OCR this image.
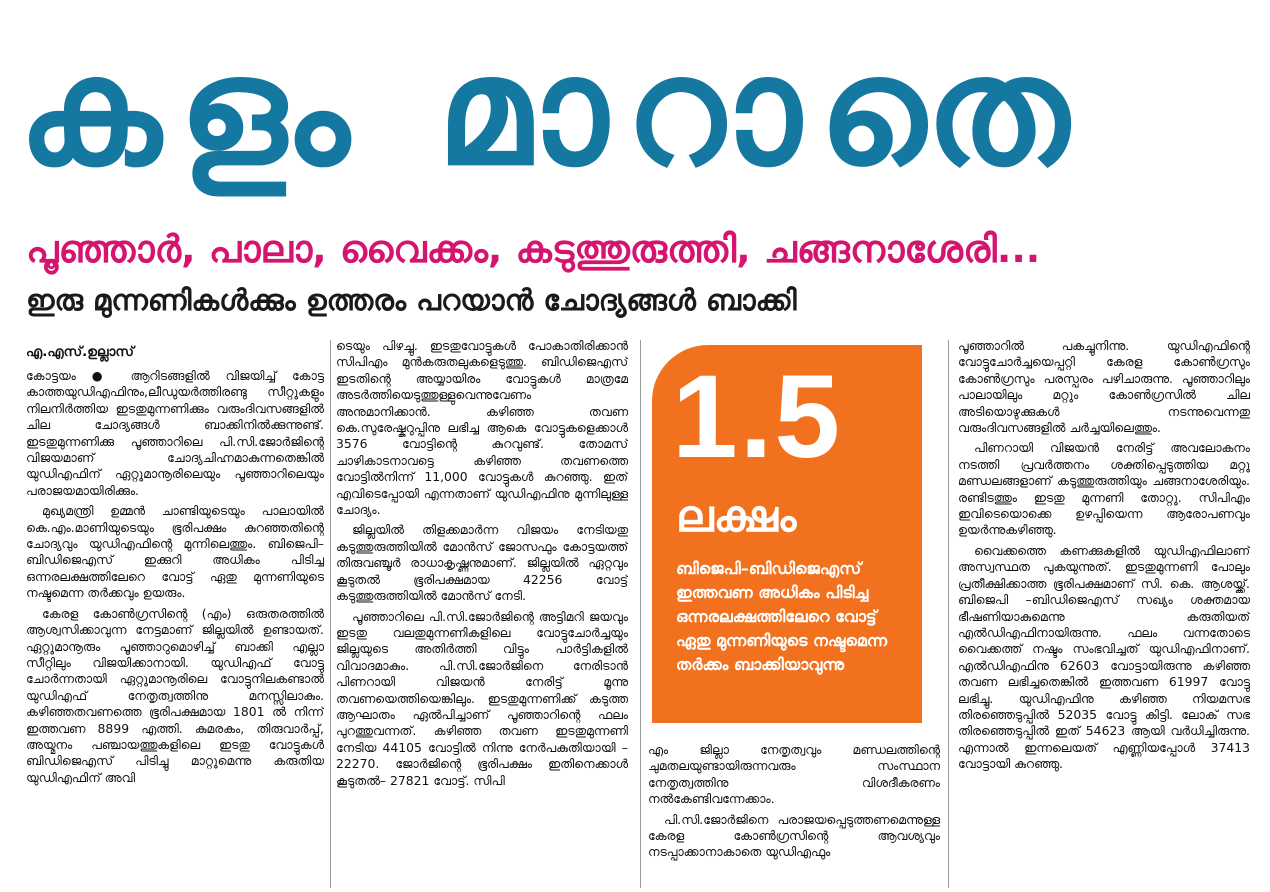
കളം മാറാതെ
പൂഞ്ഞാർ, പാലാ, വൈക്കം, കടുത്തുരുത്തി, ചങ്ങനാശേരി...
ഇരു മുന്നണികൾക്കും ഉത്തരം പറയാൻ ചോദ്യങ്ങൾ ബാക്കി
എ.എസ്.ഉല്ലാസ്

കോട്ടയം ● ആറിടങ്ങളിൽ വിജയിച്ച് കോട്ട കാത്തയുഡിഎഫിനും,ലീഡുയർത്തിരണ്ടു സീറ്റുകളും നിലനിർത്തിയ ഇടതുമുന്നണിക്കും വരുംദിവസങ്ങളിൽ ചില ചോദ്യങ്ങൾ ബാക്കിനിൽക്കുന്നുണ്ട്. ഇടതുമുന്നണിക്കു പൂഞ്ഞാറിലെ പി.സി.ജോർജിന്റെ വിജയമാണ് ചോദ്യചിഹ്നമാകുന്നതെങ്കിൽ യുഡിഎഫിന് ഏറ്റുമാനൂരിലെയും പൂഞ്ഞാറിലെയും പരാജയമായിരിക്കും.

മുഖ്യമന്ത്രി ഉമ്മൻ ചാണ്ടിയുടെയും പാലായിൽ കെ.എം.മാണിയുടെയും ഭൂരിപക്ഷം കുറഞ്ഞതിന്റെ ചോദ്യവും യുഡിഎഫിന്റെ മുന്നിലെത്തും. ബിജെപി–ബിഡിജെഎസ് ഇക്കുറി അധികം പിടിച്ച ഒന്നരലക്ഷത്തിലേറെ വോട്ട് ഏതു മുന്നണിയുടെ നഷ്ടമെന്ന തർക്കവും ഉയരും.

കേരള കോൺഗ്രസിന്റെ (എം) ഒരുതരത്തിൽ ആശ്വസിക്കാവുന്ന നേട്ടമാണ് ജില്ലയിൽ ഉണ്ടായത്. ഏറ്റുമാനൂരും പൂഞ്ഞാറുമൊഴിച്ച് ബാക്കി എല്ലാ സീറ്റിലും വിജയിക്കാനായി. യുഡിഎഫ് വോട്ടു ചോർന്നതായി ഏറ്റുമാനൂരിലെ വോട്ടുനിലകണ്ടാൽ യുഡിഎഫ് നേതൃത്വത്തിനു മനസ്സിലാകും. കഴിഞ്ഞതവണത്തെ ഭൂരിപക്ഷമായ 1801 ൽ നിന്ന് ഇത്തവണ 8899 എത്തി. കുമരകം, തിരുവാർപ്പ്, അയ്മനം പഞ്ചായത്തുകളിലെ ഇടതു വോട്ടുകൾ ബിഡിജെഎസ് പിടിച്ചു മാറ്റുമെന്നു കരുതിയ യുഡിഎഫിന് അവി

ടെയും പിഴച്ചു. ഇടതുവോട്ടുകൾ പോകാതിരിക്കാൻ സിപിഎം മുൻകരുതലുകളെടുത്തു. ബിഡിജെഎസ് ഇടതിന്റെ അയ്യായിരം വോട്ടുകൾ മാത്രമേ അടർത്തിയെടുത്തുള്ളുവെന്നുവേണം അനുമാനിക്കാൻ. കഴിഞ്ഞ തവണ കെ.സുരേഷ്കുറുപ്പിനു ലഭിച്ച ആകെ വോട്ടുകളെക്കാൾ 3576 വോട്ടിന്റെ കുറവുണ്ട്. തോമസ് ചാഴികാടനാവട്ടെ കഴിഞ്ഞ തവണത്തെ വോട്ടിൽനിന്ന് 11,000 വോട്ടുകൾ കുറഞ്ഞു. ഇത് എവിടെപ്പോയി എന്നതാണ് യുഡിഎഫിനു മുന്നിലുള്ള ചോദ്യം.

ജില്ലയിൽ തിളക്കമാർന്ന വിജയം നേടിയതു കടുത്തുരുത്തിയിൽ മോൻസ് ജോസഫും കോട്ടയത്ത് തിരുവഞ്ചൂർ രാധാകൃഷ്ണനുമാണ്. ജില്ലയിൽ ഏറ്റവും കൂടുതൽ ഭൂരിപക്ഷമായ 42256 വോട്ട് കടുത്തുരുത്തിയിൽ മോൻസ് നേടി.

പൂഞ്ഞാറിലെ പി.സി.ജോർജിന്റെ അട്ടിമറി ജയവും ഇടതു വലതുമുന്നണികളിലെ വോട്ടുചോർച്ചയും ജില്ലയുടെ അതിർത്തി വിട്ടും പാർട്ടികളിൽ വിവാദമാകും. പി.സി.ജോർജിനെ നേരിടാൻ പിണറായി വിജയൻ നേരിട്ട് മൂന്നു തവണയെത്തിയെങ്കിലും. ഇടതുമുന്നണിക്ക് കടുത്ത ആഘാതം ഏൽപിച്ചാണ് പൂഞ്ഞാറിന്റെ ഫലം പുറത്തുവന്നത്. കഴിഞ്ഞ തവണ ഇടതുമുന്നണി നേടിയ 44105 വോട്ടിൽ നിന്നു നേർപകുതിയായി – 22270. ജോർജിന്റെ ഭൂരിപക്ഷം ഇതിനെക്കാൾ കൂടുതൽ– 27821 വോട്ട്. സിപി

1.5
ലക്ഷം
ബിജെപി–ബിഡിജെഎസ് ഇത്തവണ അധികം പിടിച്ച ഒന്നരലക്ഷത്തിലേറെ വോട്ട് ഏതു മുന്നണിയുടെ നഷ്ടമെന്ന തർക്കം ബാക്കിയാവുന്നു

എം ജില്ലാ നേതൃത്വവും മണ്ഡലത്തിന്റെ ചുമതലയുണ്ടായിരുന്നവരും സംസ്ഥാന നേതൃത്വത്തിനു വിശദീകരണം നൽകേണ്ടിവന്നേക്കാം.

പി.സി.ജോർജിനെ പരാജയപ്പെടുത്തണമെന്നുള്ള കേരള കോൺഗ്രസിന്റെ ആവശ്യവും നടപ്പാക്കാനാകാതെ യുഡിഎഫും

പൂഞ്ഞാറിൽ പകച്ചുനിന്നു. യുഡിഎഫിന്റെ വോട്ടുചോർച്ചയെപ്പറ്റി കേരള കോൺഗ്രസും കോൺഗ്രസും പരസ്പരം പഴിചാരുന്നു. പൂഞ്ഞാറിലും പാലായിലും മറ്റും കോൺഗ്രസിൽ ചില അടിയൊഴുക്കുകൾ നടന്നുവെന്നതു വരുംദിവസങ്ങളിൽ ചർച്ചയിലെത്തും.

പിണറായി വിജയൻ നേരിട്ട് അവലോകനം നടത്തി പ്രവർത്തനം ശക്തിപ്പെടുത്തിയ മറ്റു മണ്ഡലങ്ങളാണ് കടുത്തുരുത്തിയും ചങ്ങനാശേരിയും. രണ്ടിടത്തും ഇടതു മുന്നണി തോറ്റു. സിപിഎം ഇവിടെയൊക്കെ ഉഴപ്പിയെന്ന ആരോപണവും ഉയർന്നുകഴിഞ്ഞു.

വൈക്കത്തെ കണക്കുകളിൽ യുഡിഎഫിലാണ് അസ്വസ്ഥത പുകയുന്നുത്. ഇടതുമുന്നണി പോലും പ്രതീക്ഷിക്കാത്ത ഭൂരിപക്ഷമാണ് സി. കെ. ആശയ്ക്ക്. ബിജെപി –ബിഡിജെഎസ് സഖ്യം ശക്തമായ ഭീഷണിയാകുമെന്നു കരുതിയത് എൽഡിഎഫിനായിരുന്നു. ഫലം വന്നതോടെ വൈക്കത്ത് നഷ്ടം സംഭവിച്ചത് യുഡിഎഫിനാണ്. എൽഡിഎഫിനു 62603 വോട്ടായിരുന്നു കഴിഞ്ഞ തവണ ലഭിച്ചതെങ്കിൽ ഇത്തവണ 61997 വോട്ടു ലഭിച്ചു. യുഡിഎഫിനു കഴിഞ്ഞ നിയമസഭ തിരഞ്ഞെടുപ്പിൽ 52035 വോട്ടു കിട്ടി. ലോക് സഭ തിരഞ്ഞെടുപ്പിൽ ഇത് 54623 ആയി വർധിച്ചിരുന്നു. എന്നാൽ ഇന്നലെയത് എണ്ണിയപ്പോൾ 37413 വോട്ടായി കുറഞ്ഞു.
